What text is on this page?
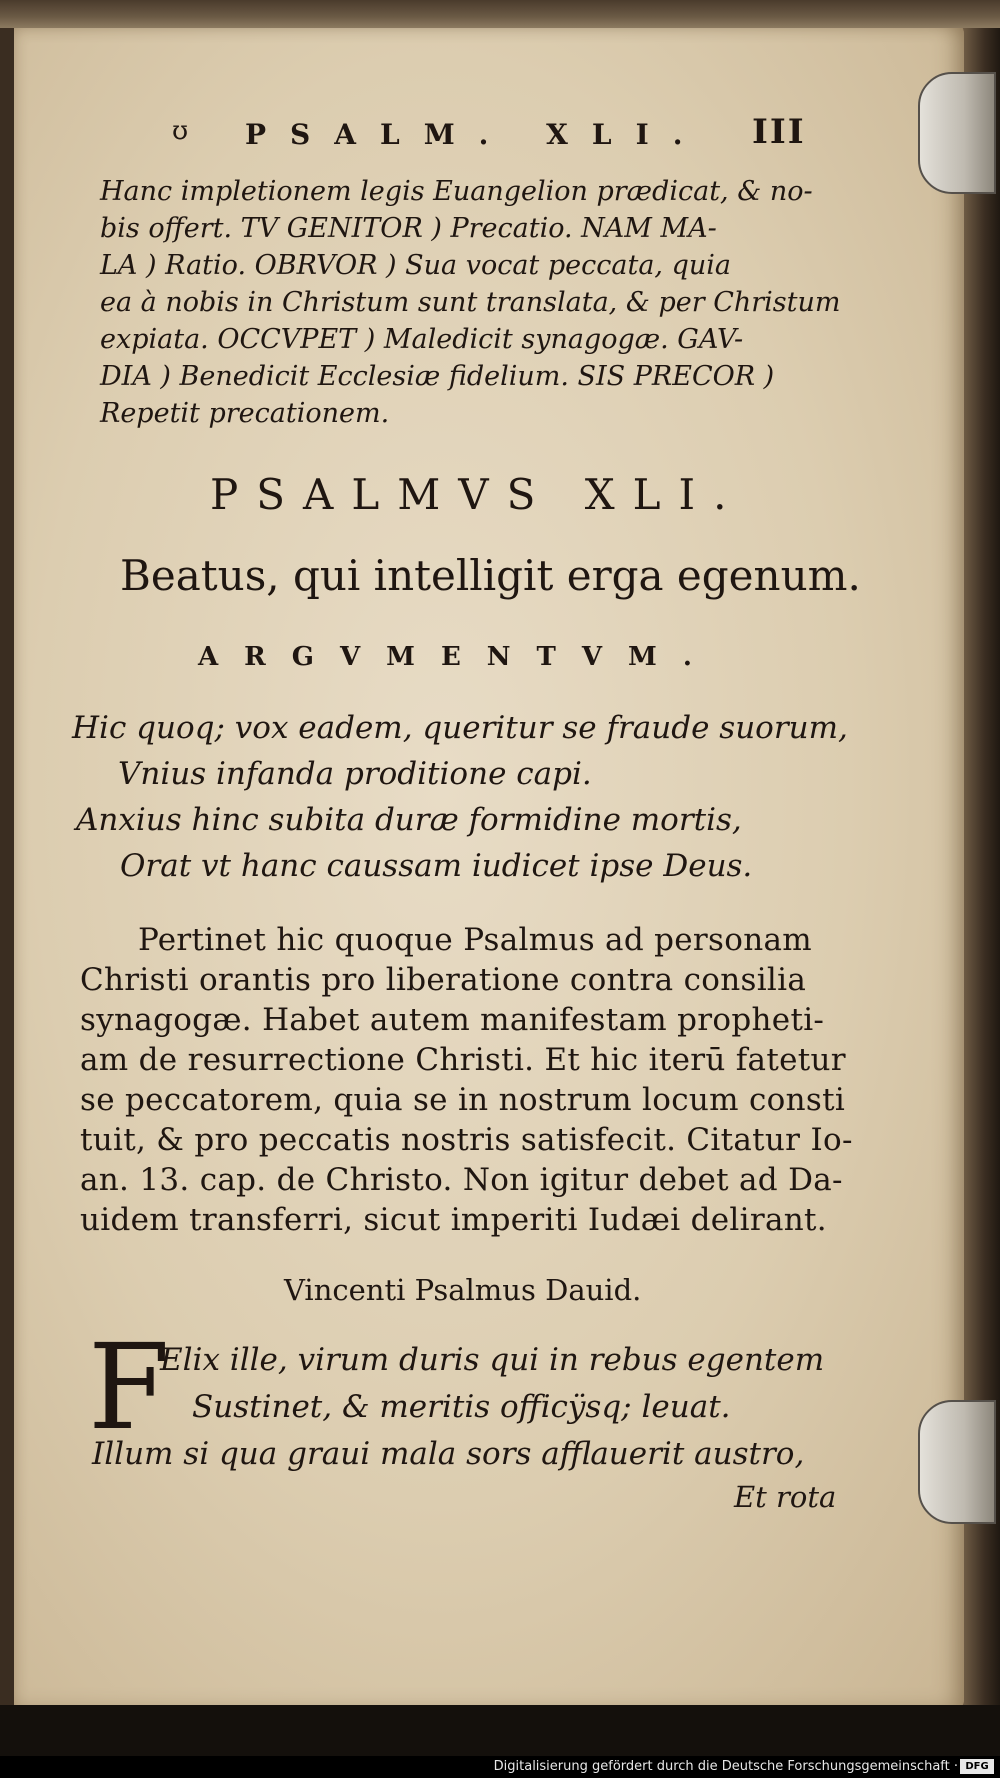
ʊ PSALM. XLI. III
Hanc impletionem legis Euangelion prædicat, & no-
bis offert. TV GENITOR ) Precatio. NAM MA-
LA ) Ratio. OBRVOR ) Sua vocat peccata, quia
ea à nobis in Christum sunt translata, & per Christum
expiata. OCCVPET ) Maledicit synagogæ. GAV-
DIA ) Benedicit Ecclesiæ fidelium. SIS PRECOR )
Repetit precationem.
PSALMVS XLI.
Beatus, qui intelligit erga egenum.
ARGVMENTVM.
Hic quoq; vox eadem, queritur se fraude suorum,
Vnius infanda proditione capi.
Anxius hinc subita duræ formidine mortis,
Orat vt hanc caussam iudicet ipse Deus.
Pertinet hic quoque Psalmus ad personam
Christi orantis pro liberatione contra consilia
synagogæ. Habet autem manifestam propheti-
am de resurrectione Christi. Et hic iterū fatetur
se peccatorem, quia se in nostrum locum consti
tuit, & pro peccatis nostris satisfecit. Citatur Io-
an. 13. cap. de Christo. Non igitur debet ad Da-
uidem transferri, sicut imperiti Iudæi delirant.
Vincenti Psalmus Dauid.
F
Elix ille, virum duris qui in rebus egentem
Sustinet, & meritis officÿsq; leuat.
Illum si qua graui mala sors afflauerit austro,
Et rota
Digitalisierung gefördert durch die Deutsche Forschungsgemeinschaft · DFG
